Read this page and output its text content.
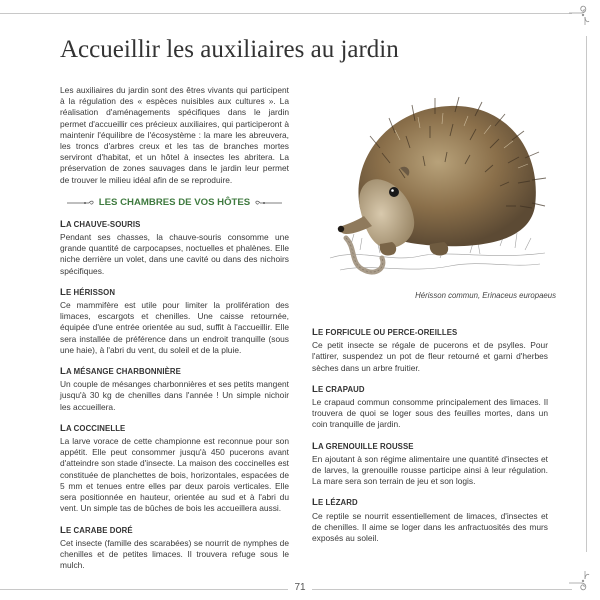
71
Accueillir les auxiliaires au jardin

Les auxiliaires du jardin sont des êtres vivants qui participent à la régulation des « espèces nuisibles aux cultures ». La réalisation d'aménagements spécifiques dans le jardin permet d'accueillir ces précieux auxiliaires, qui participeront à maintenir l'équilibre de l'écosystème : la mare les abreuvera, les troncs d'arbres creux et les tas de branches mortes serviront d'habitat, et un hôtel à insectes les abritera. La préservation de zones sauvages dans le jardin leur permet de trouver le milieu idéal afin de se reproduire.

LES CHAMBRES DE VOS HÔTES
LA CHAUVE-SOURIS

Pendant ses chasses, la chauve-souris consomme une grande quantité de carpocapses, noctuelles et phalènes. Elle niche derrière un volet, dans une cavité ou dans des nichoirs spécifiques.

LE HÉRISSON

Ce mammifère est utile pour limiter la prolifération des limaces, escargots et chenilles. Une caisse retournée, équipée d'une entrée orientée au sud, suffit à l'accueillir. Elle sera installée de préférence dans un endroit tranquille (sous une haie), à l'abri du vent, du soleil et de la pluie.

LA MÉSANGE CHARBONNIÈRE

Un couple de mésanges charbonnières et ses petits mangent jusqu'à 30 kg de chenilles dans l'année ! Un simple nichoir les accueillera.

LA COCCINELLE

La larve vorace de cette championne est reconnue pour son appétit. Elle peut consommer jusqu'à 450 pucerons avant d'atteindre son stade d'insecte. La maison des coccinelles est constituée de planchettes de bois, horizontales, espacées de 5 mm et tenues entre elles par deux parois verticales. Elle sera positionnée en hauteur, orientée au sud et à l'abri du vent. Un simple tas de bûches de bois les accueillera aussi.

LE CARABE DORÉ

Cet insecte (famille des scarabées) se nourrit de nymphes de chenilles et de petites limaces. Il trouvera refuge sous le mulch.

Hérisson commun, Erinaceus europaeus
LE FORFICULE OU PERCE-OREILLES

Ce petit insecte se régale de pucerons et de psylles. Pour l'attirer, suspendez un pot de fleur retourné et garni d'herbes sèches dans un arbre fruitier.

LE CRAPAUD

Le crapaud commun consomme principalement des limaces. Il trouvera de quoi se loger sous des feuilles mortes, dans un coin tranquille de jardin.

LA GRENOUILLE ROUSSE

En ajoutant à son régime alimentaire une quantité d'insectes et de larves, la grenouille rousse participe ainsi à leur régulation. La mare sera son terrain de jeu et son logis.

LE LÉZARD

Ce reptile se nourrit essentiellement de limaces, d'insectes et de chenilles. Il aime se loger dans les anfractuosités des murs exposés au soleil.
